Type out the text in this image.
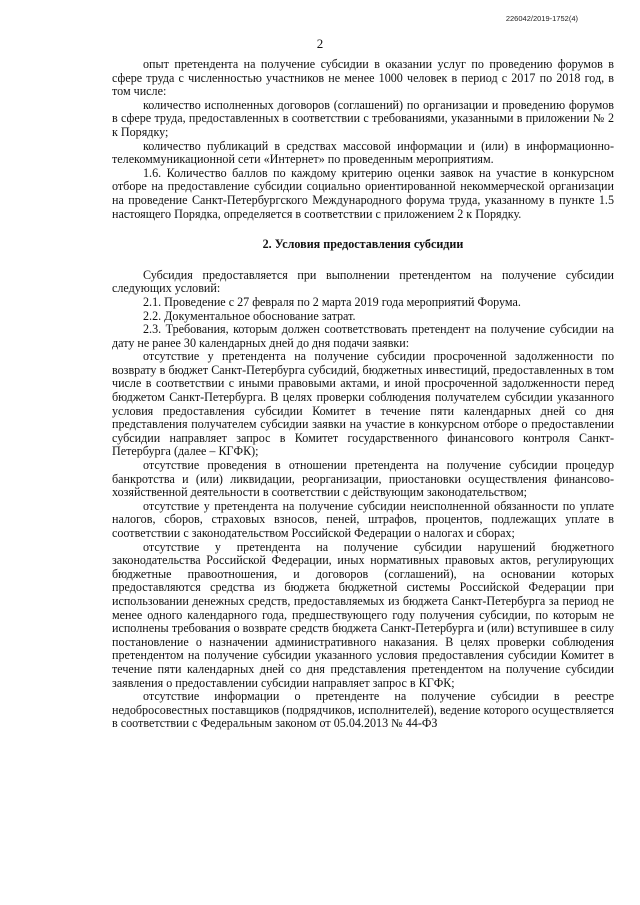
226042/2019-1752(4)
2

опыт претендента на получение субсидии в оказании услуг по проведению форумов в сфере труда с численностью участников не менее 1000 человек в период с 2017 по 2018 год, в том числе:

количество исполненных договоров (соглашений) по организации и проведению форумов в сфере труда, предоставленных в соответствии с требованиями, указанными в приложении № 2 к Порядку;

количество публикаций в средствах массовой информации и (или) в информационно-телекоммуникационной сети «Интернет» по проведенным мероприятиям.

1.6. Количество баллов по каждому критерию оценки заявок на участие в конкурсном отборе на предоставление субсидии социально ориентированной некоммерческой организации на проведение Санкт-Петербургского Международного форума труда, указанному в пункте 1.5 настоящего Порядка, определяется в соответствии с приложением 2 к Порядку.

2. Условия предоставления субсидии

Субсидия предоставляется при выполнении претендентом на получение субсидии следующих условий:

2.1. Проведение с 27 февраля по 2 марта 2019 года мероприятий Форума.

2.2. Документальное обоснование затрат.

2.3. Требования, которым должен соответствовать претендент на получение субсидии на дату не ранее 30 календарных дней до дня подачи заявки:

отсутствие у претендента на получение субсидии просроченной задолженности по возврату в бюджет Санкт-Петербурга субсидий, бюджетных инвестиций, предоставленных в том числе в соответствии с иными правовыми актами, и иной просроченной задолженности перед бюджетом Санкт-Петербурга. В целях проверки соблюдения получателем субсидии указанного условия предоставления субсидии Комитет в течение пяти календарных дней со дня представления получателем субсидии заявки на участие в конкурсном отборе о предоставлении субсидии направляет запрос в Комитет государственного финансового контроля Санкт-Петербурга (далее – КГФК);

отсутствие проведения в отношении претендента на получение субсидии процедур банкротства и (или) ликвидации, реорганизации, приостановки осуществления финансово-хозяйственной деятельности в соответствии с действующим законодательством;

отсутствие у претендента на получение субсидии неисполненной обязанности по уплате налогов, сборов, страховых взносов, пеней, штрафов, процентов, подлежащих уплате в соответствии с законодательством Российской Федерации о налогах и сборах;

отсутствие у претендента на получение субсидии нарушений бюджетного законодательства Российской Федерации, иных нормативных правовых актов, регулирующих бюджетные правоотношения, и договоров (соглашений), на основании которых предоставляются средства из бюджета бюджетной системы Российской Федерации при использовании денежных средств, предоставляемых из бюджета Санкт-Петербурга за период не менее одного календарного года, предшествующего году получения субсидии, по которым не исполнены требования о возврате средств бюджета Санкт-Петербурга и (или) вступившее в силу постановление о назначении административного наказания. В целях проверки соблюдения претендентом на получение субсидии указанного условия предоставления субсидии Комитет в течение пяти календарных дней со дня представления претендентом на получение субсидии заявления о предоставлении субсидии направляет запрос в КГФК;

отсутствие информации о претенденте на получение субсидии в реестре недобросовестных поставщиков (подрядчиков, исполнителей), ведение которого осуществляется в соответствии с Федеральным законом от 05.04.2013 № 44-ФЗ
